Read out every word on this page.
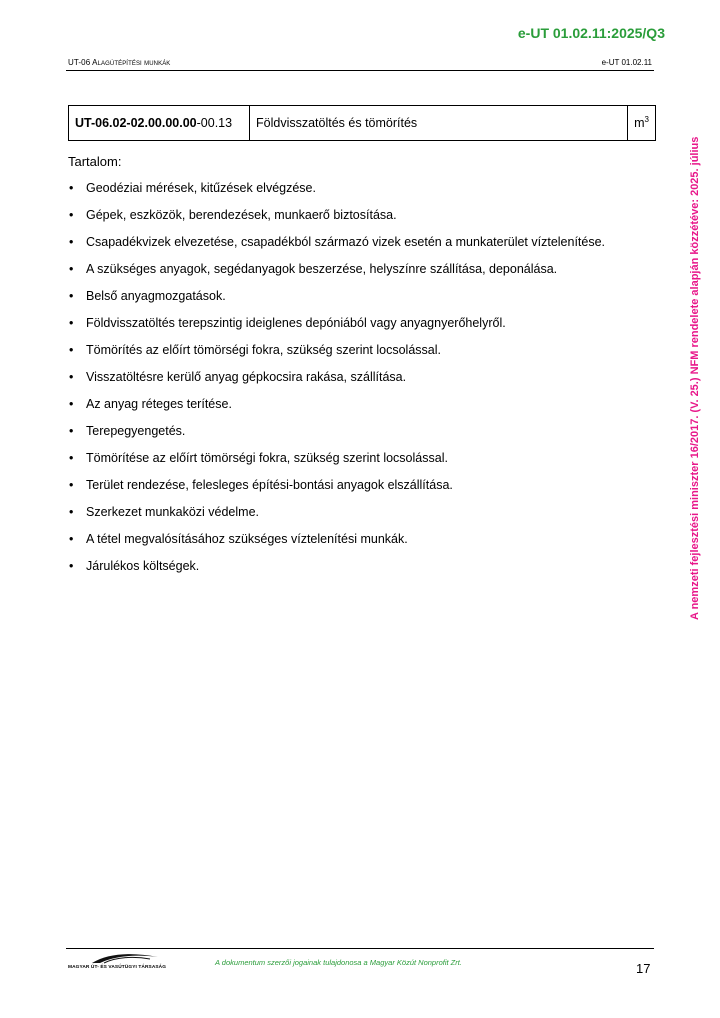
e-UT 01.02.11:2025/Q3
UT-06 Alagútépítési munkák	e-UT 01.02.11
UT-06.02-02.00.00.00-00.13	Földvisszatöltés és tömörítés	$m^3$
Tartalom:
• Geodéziai mérések, kitűzések elvégzése.
• Gépek, eszközök, berendezések, munkaerő biztosítása.
• Csapadékvizek elvezetése, csapadékból származó vizek esetén a munkaterület víztelenítése.
• A szükséges anyagok, segédanyagok beszerzése, helyszínre szállítása, deponálása.
• Belső anyagmozgatások.
• Földvisszatöltés terepszintig ideiglenes depóniából vagy anyagnyerőhelyről.
• Tömörítés az előírt tömörségi fokra, szükség szerint locsolással.
• Visszatöltésre kerülő anyag gépkocsira rakása, szállítása.
• Az anyag réteges terítése.
• Terepegyengetés.
• Tömörítése az előírt tömörségi fokra, szükség szerint locsolással.
• Terület rendezése, felesleges építési-bontási anyagok elszállítása.
• Szerkezet munkaközi védelme.
• A tétel megvalósításához szükséges víztelenítési munkák.
• Járulékos költségek.	A nemzeti fejlesztési miniszter 16/2017. (V. 25.) NFM rendelete alapján közzétéve: 2025. július
MAGYAR ÚT- ÉS VASÚTÜGYI TÁRSASÁG
A dokumentum szerzői jogainak tulajdonosa a Magyar Közút Nonprofit Zrt.	17
